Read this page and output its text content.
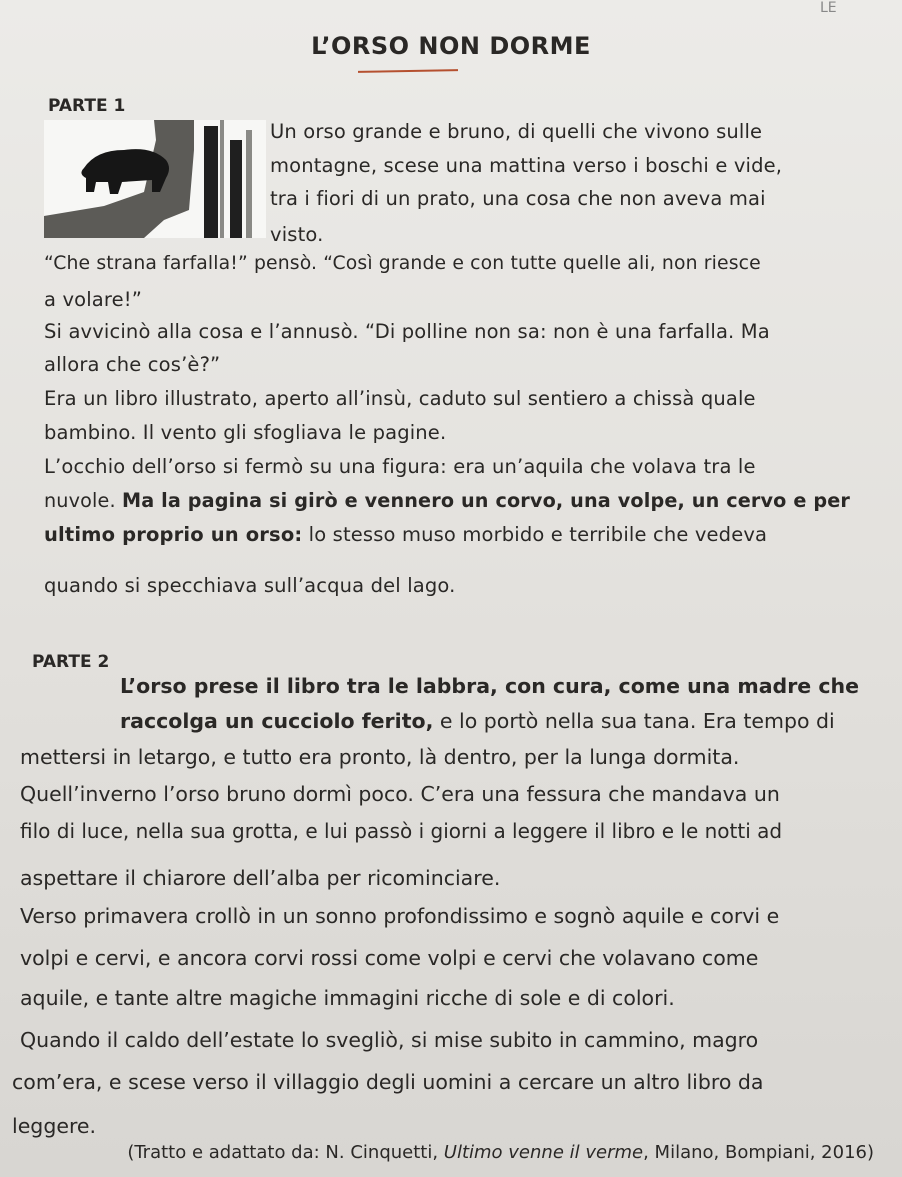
LE
L’ORSO NON DORME
PARTE 1
Un orso grande e bruno, di quelli che vivono sulle
montagne, scese una mattina verso i boschi e vide,
tra i fiori di un prato, una cosa che non aveva mai
visto.
“Che strana farfalla!” pensò. “Così grande e con tutte quelle ali, non riesce
a volare!”
Si avvicinò alla cosa e l’annusò. “Di polline non sa: non è una farfalla. Ma
allora che cos’è?”
Era un libro illustrato, aperto all’insù, caduto sul sentiero a chissà quale
bambino. Il vento gli sfogliava le pagine.
L’occhio dell’orso si fermò su una figura: era un’aquila che volava tra le
nuvole. Ma la pagina si girò e vennero un corvo, una volpe, un cervo e per
ultimo proprio un orso: lo stesso muso morbido e terribile che vedeva
quando si specchiava sull’acqua del lago.
PARTE 2
L’orso prese il libro tra le labbra, con cura, come una madre che
raccolga un cucciolo ferito, e lo portò nella sua tana. Era tempo di
mettersi in letargo, e tutto era pronto, là dentro, per la lunga dormita.
Quell’inverno l’orso bruno dormì poco. C’era una fessura che mandava un
filo di luce, nella sua grotta, e lui passò i giorni a leggere il libro e le notti ad
aspettare il chiarore dell’alba per ricominciare.
Verso primavera crollò in un sonno profondissimo e sognò aquile e corvi e
volpi e cervi, e ancora corvi rossi come volpi e cervi che volavano come
aquile, e tante altre magiche immagini ricche di sole e di colori.
Quando il caldo dell’estate lo svegliò, si mise subito in cammino, magro
com’era, e scese verso il villaggio degli uomini a cercare un altro libro da
leggere.
(Tratto e adattato da: N. Cinquetti, Ultimo venne il verme, Milano, Bompiani, 2016)
